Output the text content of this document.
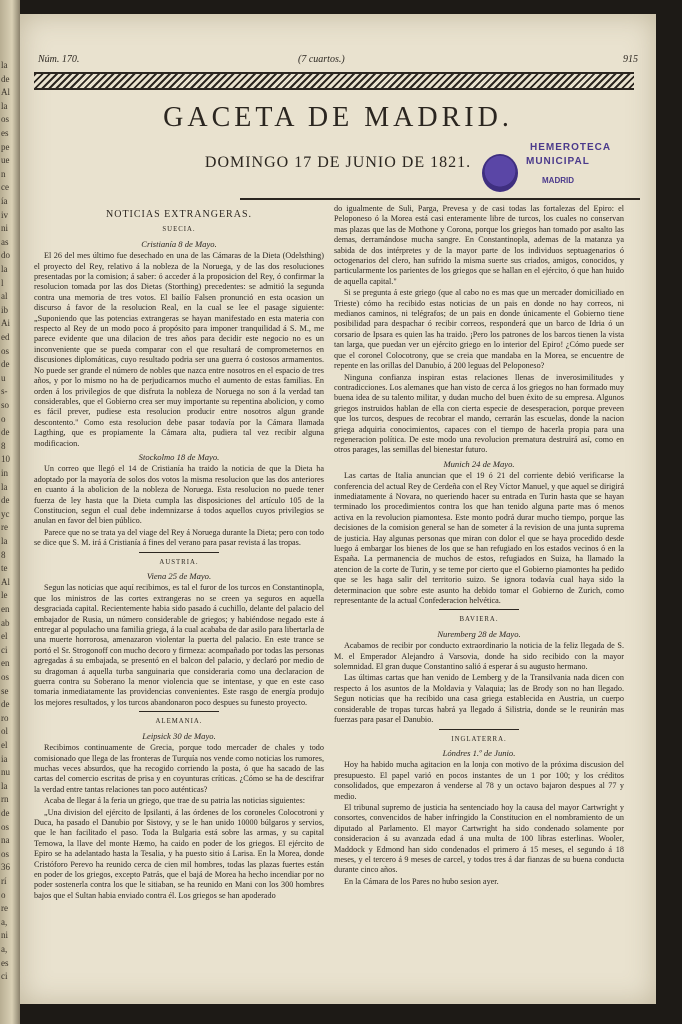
la
de
Al
la
os
es
pe
ue
n
ce
ía
iv
ni
as
do
la
l
al
ib
Ai
ed
os
de
u
s-
so
o
de
8
10
in
la
de
yc
re
la
8
te
Al
le
en
ab
el
ci
en
os
se
de
ro
ol
el
ia
nu
la
rn
de
os
na
os
36
rí
o
re
a,
ni
a,
es
ci
Núm. 170.	(7 cuartos.)	915
GACETA DE MADRID.
DOMINGO 17 DE JUNIO DE 1821.
HEMEROTECA
MUNICIPAL
MADRID
NOTICIAS EXTRANGERAS.
SUECIA.
Cristianía 8 de Mayo.

El 26 del mes último fue desechado en una de las Cámaras de la Dieta (Odelsthing) el proyecto del Rey, relativo á la nobleza de la Noruega, y de las dos resoluciones presentadas por la comision; á saber: ó acceder á la proposicion del Rey, ó confirmar la resolucion tomada por las dos Dietas (Storthing) precedentes: se admitió la segunda contra una memoria de tres votos. El bailío Falsen pronunció en esta ocasion un discurso á favor de la resolucion Real, en la cual se lee el pasage siguiente: „Suponiendo que las potencias extrangeras se hayan manifestado en esta materia con respecto al Rey de un modo poco á propósito para imponer tranquilidad á S. M., me parece evidente que una dilacion de tres años para decidir este negocio no es un inconveniente que se pueda comparar con el que resultará de comprometernos en discusiones diplomáticas, cuyo resultado podria ser una guerra ó costosos armamentos. No puede ser grande el número de nobles que nazca entre nosotros en el espacio de tres años, y por lo mismo no ha de perjudicarnos mucho el aumento de estas familias. En orden á los privilegios de que disfruta la nobleza de Noruega no son á la verdad tan considerables, que el Gobierno crea ser muy importante su repentina abolicion, y como es fácil prever, pudiese esta resolucion producir entre nosotros algun grande descontento." Como esta resolucion debe pasar todavía por la Cámara llamada Lagthing, que es propiamente la Cámara alta, pudiera tal vez recibir alguna modificacion.

Stockolmo 18 de Mayo.

Un correo que llegó el 14 de Cristianía ha traido la noticia de que la Dieta ha adoptado por la mayoría de solos dos votos la misma resolucion que las dos anteriores en cuanto á la abolicion de la nobleza de Noruega. Esta resolucion no puede tener fuerza de ley hasta que la Dieta cumpla las disposiciones del artículo 105 de la Constitucion, segun el cual debe indemnizarse á todos aquellos cuyos privilegios se anulan en favor del bien público.

Parece que no se trata ya del viage del Rey á Noruega durante la Dieta; pero con todo se dice que S. M. irá á Cristianía á fines del verano para pasar revista á las tropas.

AUSTRIA.
Viena 25 de Mayo.

Segun las noticias que aquí recibimos, es tal el furor de los turcos en Constantinopla, que los ministros de las cortes extrangeras no se creen ya seguros en aquella desgraciada capital. Recientemente habia sido pasado á cuchillo, delante del palacio del embajador de Rusia, un número considerable de griegos; y habiéndose negado este á entregar al populacho una familia griega, á la cual acababa de dar asilo para libertarla de una muerte horrorosa, amenazaron violentar la puerta del palacio. En este trance se portó el Sr. Strogonoff con mucho decoro y firmeza: acompañado por todas las personas agregadas á su embajada, se presentó en el balcon del palacio, y declaró por medio de su dragoman á aquella turba sanguinaria que consideraria como una declaracion de guerra contra su Soberano la menor violencia que se intentase, y que en este caso tomaria inmediatamente las providencias convenientes. Este rasgo de energía produjo los mejores resultados, y los turcos abandonaron poco despues su funesto proyecto.

ALEMANIA.
Leipsick 30 de Mayo.

Recibimos continuamente de Grecia, porque todo mercader de chales y todo comisionado que llega de las fronteras de Turquía nos vende como noticias los rumores, muchas veces absurdos, que ha recogido corriendo la posta, ó que ha sacado de las cartas del comercio escritas de prisa y en coyunturas críticas. ¿Cómo se ha de descifrar la verdad entre tantas relaciones tan poco auténticas?

Acaba de llegar á la feria un griego, que trae de su patria las noticias siguientes:

„Una division del ejército de Ipsilanti, á las órdenes de los coroneles Colocotroni y Duca, ha pasado el Danubio por Sistovy, y se le han unido 10000 búlgaros y servios, que le han facilitado el paso. Toda la Bulgaria está sobre las armas, y su capital Ternowa, la llave del monte Hæmo, ha caido en poder de los griegos. El ejército de Epiro se ha adelantado hasta la Tesalia, y ha puesto sitio á Larisa. En la Morea, donde Cristóforo Perevo ha reunido cerca de cien mil hombres, todas las plazas fuertes están en poder de los griegos, excepto Patrás, que el bajá de Morea ha hecho incendiar por no poder sostenerla contra los que le sitiaban, se ha reunido en Mani con los 300 hombres bajos que el Sultan habia enviado contra él. Los griegos se han apoderado

do igualmente de Suli, Parga, Prevesa y de casi todas las fortalezas del Epiro: el Peloponeso ó la Morea está casi enteramente libre de turcos, los cuales no conservan mas plazas que las de Mothone y Corona, porque los griegos han tomado por asalto las demas, derramándose mucha sangre. En Constantinopla, ademas de la matanza ya sabida de dos intérpretes y de la mayor parte de los individuos septuagenarios ó octogenarios del clero, han sufrido la misma suerte sus criados, amigos, conocidos, y particularmente los parientes de los griegos que se hallan en el ejército, ó que han huido de aquella capital."

Si se pregunta á este griego (que al cabo no es mas que un mercader domiciliado en Trieste) cómo ha recibido estas noticias de un pais en donde no hay correos, ni medianos caminos, ni telégrafos; de un pais en donde únicamente el Gobierno tiene posibilidad para despachar ó recibir correos, responderá que un barco de Idria ó un corsario de Ipsara es quien las ha traido. ¡Pero los patrones de los barcos tienen la vista tan larga, que puedan ver un ejército griego en lo interior del Epiro! ¿Cómo puede ser que el coronel Colocotrony, que se creia que mandaba en la Morea, se encuentre de repente en las orillas del Danubio, á 200 leguas del Peloponeso?

Ninguna confianza inspiran estas relaciones llenas de inverosimilitudes y contradicciones. Los alemanes que han visto de cerca á los griegos no han formado muy buena idea de su talento militar, y dudan mucho del buen éxito de su empresa. Algunos griegos instruidos hablan de ella con cierta especie de desesperacion, porque preveen que los turcos, despues de recobrar el mando, cerrarán las escuelas, donde la nacion griega adquiria conocimientos, capaces con el tiempo de hacerla propia para una regeneracion política. De este modo una revolucion prematura destruirá así, como en otros parages, las semillas del bienestar futuro.

Munich 24 de Mayo.

Las cartas de Italia anuncian que el 19 ó 21 del corriente debió verificarse la conferencia del actual Rey de Cerdeña con el Rey Víctor Manuel, y que aquel se dirigirá inmediatamente á Novara, no queriendo hacer su entrada en Turin hasta que se hayan terminado los procedimientos contra los que han tenido alguna parte mas ó menos activa en la revolucion piamontesa. Este monto podrá durar mucho tiempo, porque las decisiones de la comision general se han de someter á la revision de una junta suprema de justicia. Hay algunas personas que miran con dolor el que se haya procedido desde luego á embargar los bienes de los que se han refugiado en los estados vecinos ó en la España. La permanencia de muchos de estos, refugiados en Suiza, ha llamado la atencion de la corte de Turin, y se teme por cierto que el Gobierno piamontes ha pedido que se les haga salir del territorio suizo. Se ignora todavía cual haya sido la determinacion que sobre este asunto ha debido tomar el Gobierno de Zurich, como representante de la actual Confederacion helvética.

BAVIERA.
Nuremberg 28 de Mayo.

Acabamos de recibir por conducto extraordinario la noticia de la feliz llegada de S. M. el Emperador Alejandro á Varsovia, donde ha sido recibido con la mayor solemnidad. El gran duque Constantino salió á esperar á su augusto hermano.

Las últimas cartas que han venido de Lemberg y de la Transilvania nada dicen con respecto á los asuntos de la Moldavia y Valaquia; las de Brody son no han llegado. Segun noticias que ha recibido una casa griega establecida en Austria, un cuerpo considerable de tropas turcas habrá ya llegado á Silistria, donde se le reunirán mas fuerzas para pasar el Danubio.

INGLATERRA.
Lóndres 1.º de Junio.

Hoy ha habido mucha agitacion en la lonja con motivo de la próxima discusion del presupuesto. El papel varió en pocos instantes de un 1 por 100; y los créditos consolidados, que empezaron á venderse al 78 y un octavo bajaron despues al 77 y medio.

El tribunal supremo de justicia ha sentenciado hoy la causa del mayor Cartwright y consortes, convencidos de haber infringido la Constitucion en el nombramiento de un diputado al Parlamento. El mayor Cartwright ha sido condenado solamente por consideracion á su avanzada edad á una multa de 100 libras esterlinas. Wooler, Maddock y Edmond han sido condenados el primero á 15 meses, el segundo á 18 meses, y el tercero á 9 meses de carcel, y todos tres á dar fianzas de su buena conducta durante cinco años.

En la Cámara de los Pares no hubo sesion ayer.
